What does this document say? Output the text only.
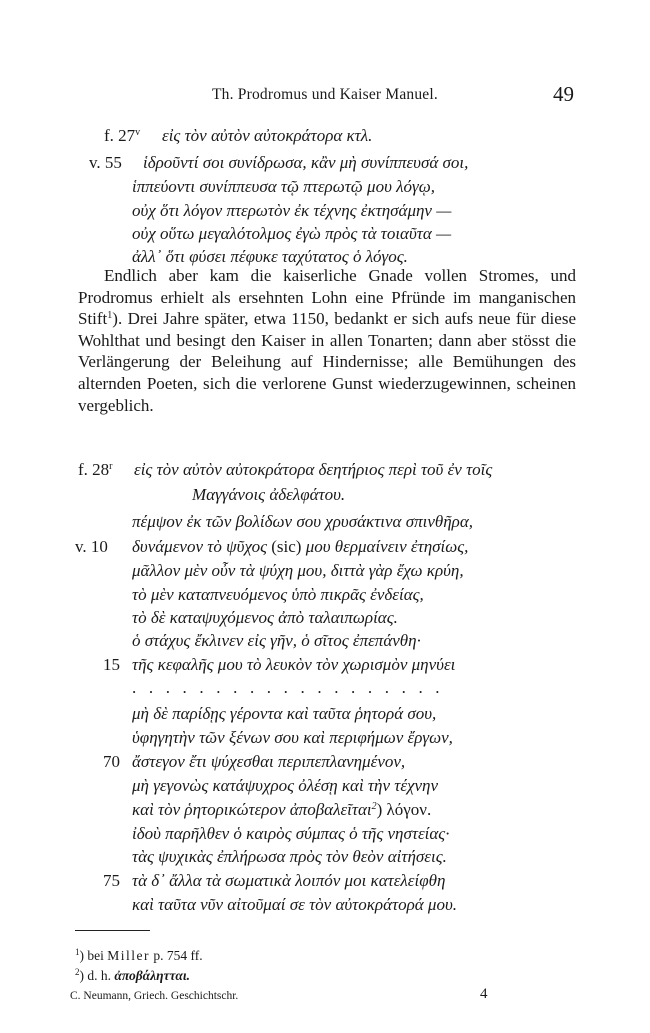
Th. Prodromus und Kaiser Manuel.	49
f. 27$^v$ εἰς τὸν αὐτὸν αὐτοκράτορα κτλ.
v. 55 ἱδροῦντί σοι συνίδρωσα, κἂν μὴ συνίππευσά σοι,
ἱππεύοντι συνίππευσα τῷ πτερωτῷ μου λόγῳ,
οὐχ ὅτι λόγον πτερωτὸν ἐκ τέχνης ἐκτησάμην —
οὐχ οὕτω μεγαλότολμος ἐγὼ πρὸς τὰ τοιαῦτα —
ἀλλ᾽ ὅτι φύσει πέφυκε ταχύτατος ὁ λόγος.
Endlich aber kam die kaiserliche Gnade vollen Stromes, und Prodromus erhielt als ersehnten Lohn eine Pfründe im manganischen Stift$^1$). Drei Jahre später, etwa 1150, bedankt er sich aufs neue für diese Wohlthat und besingt den Kaiser in allen Tonarten; dann aber stösst die Verlängerung der Beleihung auf Hindernisse; alle Bemühungen des alternden Poeten, sich die verlorene Gunst wiederzugewinnen, scheinen vergeblich.
f. 28$^r$ εἰς τὸν αὐτὸν αὐτοκράτορα δεητήριος περὶ τοῦ ἐν τοῖς
Μαγγάνοις ἀδελφάτου.
πέμψον ἐκ τῶν βολίδων σου χρυσάκτινα σπινθῆρα,
v. 10 δυνάμενον τὸ ψῦχος (sic) μου θερμαίνειν ἐτησίως,
μᾶλλον μὲν οὖν τὰ ψύχη μου, διττὰ γὰρ ἔχω κρύη,
τὸ μὲν καταπνευόμενος ὑπὸ πικρᾶς ἐνδείας,
τὸ δὲ καταψυχόμενος ἀπὸ ταλαιπωρίας.
ὁ στάχυς ἔκλινεν εἰς γῆν, ὁ σῖτος ἐπεπάνθη·
15 τῆς κεφαλῆς μου τὸ λευκὸν τὸν χωρισμὸν μηνύει
...................
μὴ δὲ παρίδῃς γέροντα καὶ ταῦτα ῥητορά σου,
ὑφηγητὴν τῶν ξένων σου καὶ περιφήμων ἔργων,
70 ἄστεγον ἔτι ψύχεσθαι περιπεπλανημένον,
μὴ γεγονὼς κατάψυχρος ὀλέσῃ καὶ τὴν τέχνην
καὶ τὸν ῥητορικώτερον ἀποβαλεῖται$^2$) λόγον.
ἰδοὺ παρῆλθεν ὁ καιρὸς σύμπας ὁ τῆς νηστείας·
τὰς ψυχικὰς ἐπλήρωσα πρὸς τὸν θεὸν αἰτήσεις.
75 τὰ δ᾽ ἄλλα τὰ σωματικὰ λοιπόν μοι κατελείφθη
καὶ ταῦτα νῦν αἰτοῦμαί σε τὸν αὐτοκράτορά μου.
$^1$) bei Miller p. 754 ff.
$^2$) d. h. ἀποβάλητται.
C. Neumann, Griech. Geschichtschr.	4
